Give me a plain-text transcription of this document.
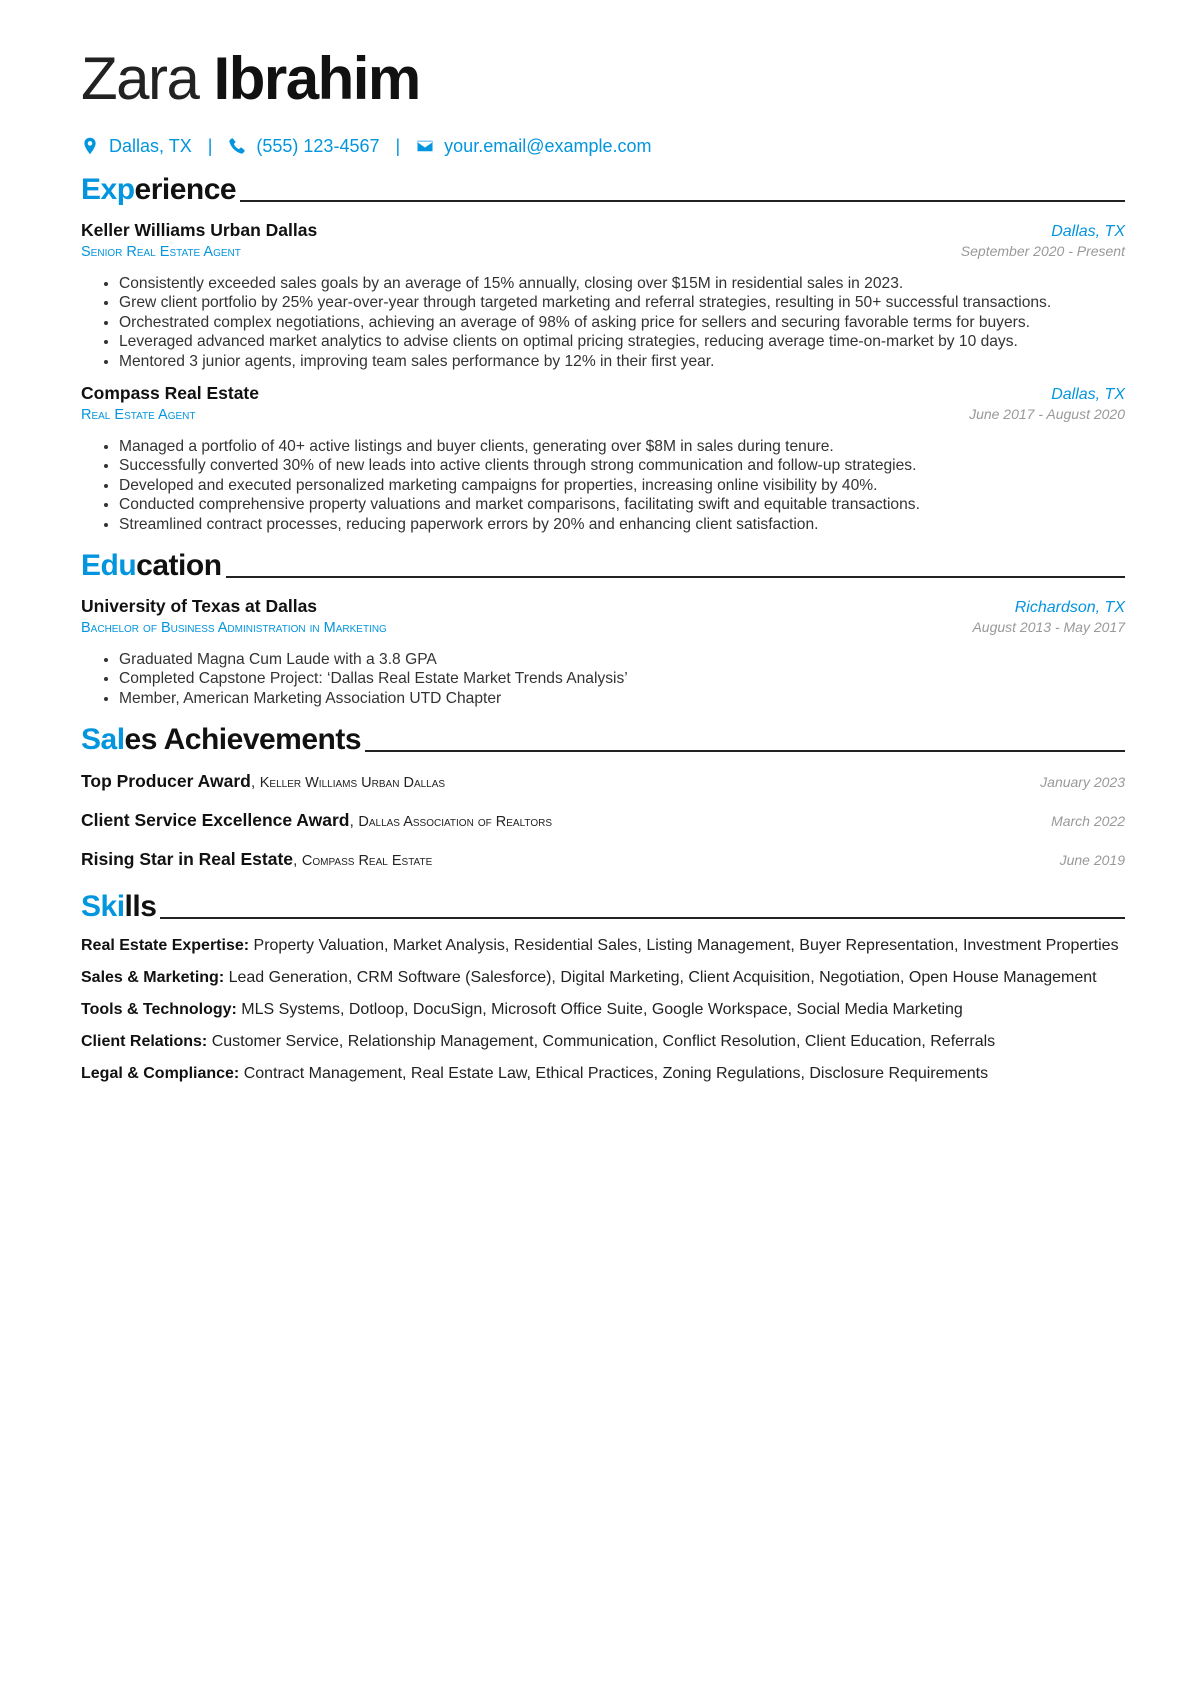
Zara Ibrahim
Dallas, TX | (555) 123-4567 | your.email@example.com
Experience
Keller Williams Urban Dallas	Dallas, TX
Senior Real Estate Agent	September 2020 - Present
• Consistently exceeded sales goals by an average of 15% annually, closing over $15M in residential sales in 2023.
• Grew client portfolio by 25% year-over-year through targeted marketing and referral strategies, resulting in 50+ successful transactions.
• Orchestrated complex negotiations, achieving an average of 98% of asking price for sellers and securing favorable terms for buyers.
• Leveraged advanced market analytics to advise clients on optimal pricing strategies, reducing average time-on-market by 10 days.
• Mentored 3 junior agents, improving team sales performance by 12% in their first year.
Compass Real Estate	Dallas, TX
Real Estate Agent	June 2017 - August 2020
• Managed a portfolio of 40+ active listings and buyer clients, generating over $8M in sales during tenure.
• Successfully converted 30% of new leads into active clients through strong communication and follow-up strategies.
• Developed and executed personalized marketing campaigns for properties, increasing online visibility by 40%.
• Conducted comprehensive property valuations and market comparisons, facilitating swift and equitable transactions.
• Streamlined contract processes, reducing paperwork errors by 20% and enhancing client satisfaction.
Education
University of Texas at Dallas	Richardson, TX
Bachelor of Business Administration in Marketing	August 2013 - May 2017
• Graduated Magna Cum Laude with a 3.8 GPA
• Completed Capstone Project: ‘Dallas Real Estate Market Trends Analysis’
• Member, American Marketing Association UTD Chapter
Sales Achievements
Top Producer Award, Keller Williams Urban Dallas	January 2023
Client Service Excellence Award, Dallas Association of Realtors	March 2022
Rising Star in Real Estate, Compass Real Estate	June 2019
Skills
Real Estate Expertise: Property Valuation, Market Analysis, Residential Sales, Listing Management, Buyer Representation, Investment Properties
Sales & Marketing: Lead Generation, CRM Software (Salesforce), Digital Marketing, Client Acquisition, Negotiation, Open House Management
Tools & Technology: MLS Systems, Dotloop, DocuSign, Microsoft Office Suite, Google Workspace, Social Media Marketing
Client Relations: Customer Service, Relationship Management, Communication, Conflict Resolution, Client Education, Referrals
Legal & Compliance: Contract Management, Real Estate Law, Ethical Practices, Zoning Regulations, Disclosure Requirements
